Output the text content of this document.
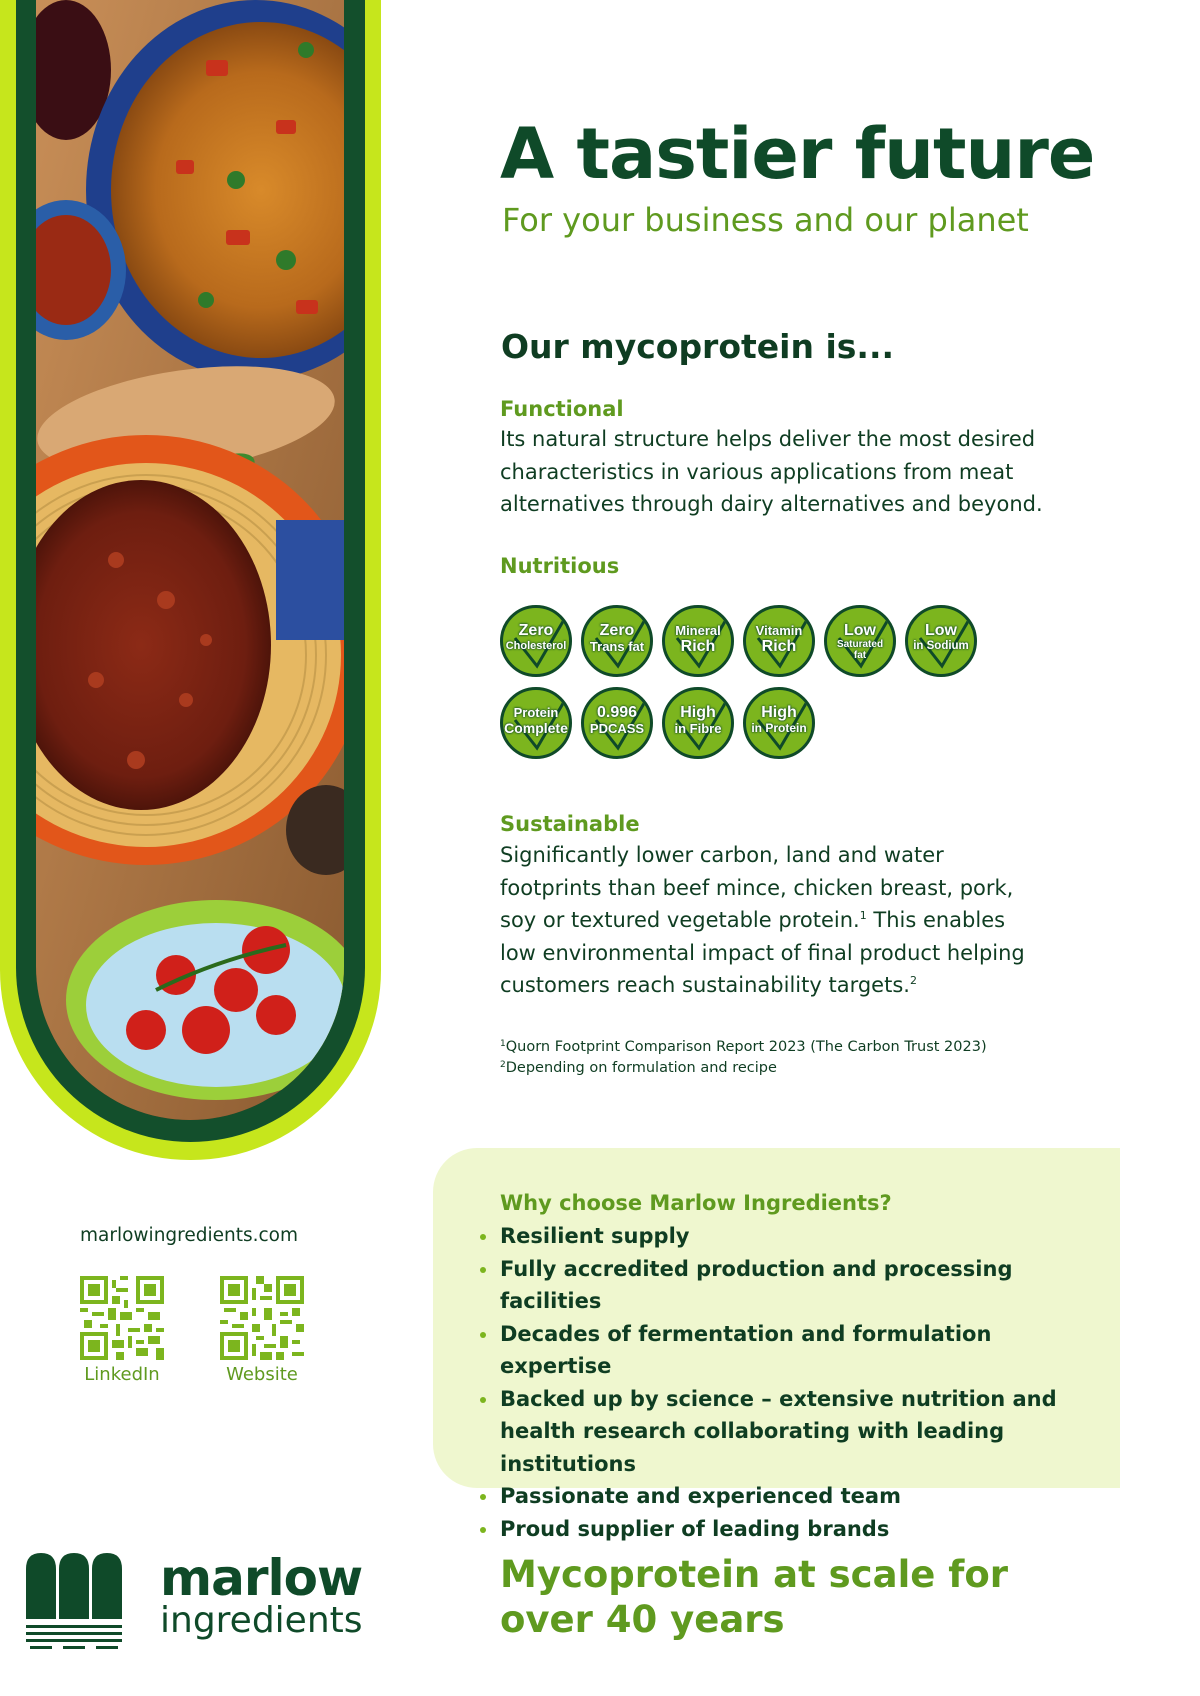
A tastier future

For your business and our planet

Our mycoprotein is...
Functional
Its natural structure helps deliver the most desired
characteristics in various applications from meat
alternatives through dairy alternatives and beyond.
Nutritious
Zero
Cholesterol
Zero
Trans fat
Mineral
Rich
Vitamin
Rich
Low
Saturated fat
Low
in Sodium
Protein
Complete
0.996
PDCASS
High
in Fibre
High
in Protein
Sustainable
Significantly lower carbon, land and water
footprints than beef mince, chicken breast, pork,
soy or textured vegetable protein.$^1$ This enables
low environmental impact of final product helping
customers reach sustainability targets.$^2$
$^1$Quorn Footprint Comparison Report 2023 (The Carbon Trust 2023)
$^2$Depending on formulation and recipe
Why choose Marlow Ingredients?
Resilient supply
Fully accredited production and processing facilities
Decades of fermentation and formulation expertise
Backed up by science – extensive nutrition and health research collaborating with leading institutions
Passionate and experienced team
Proud supplier of leading brands
marlowingredients.com
LinkedIn	Website
marlow
ingredients
Mycoprotein at scale for over 40 years
